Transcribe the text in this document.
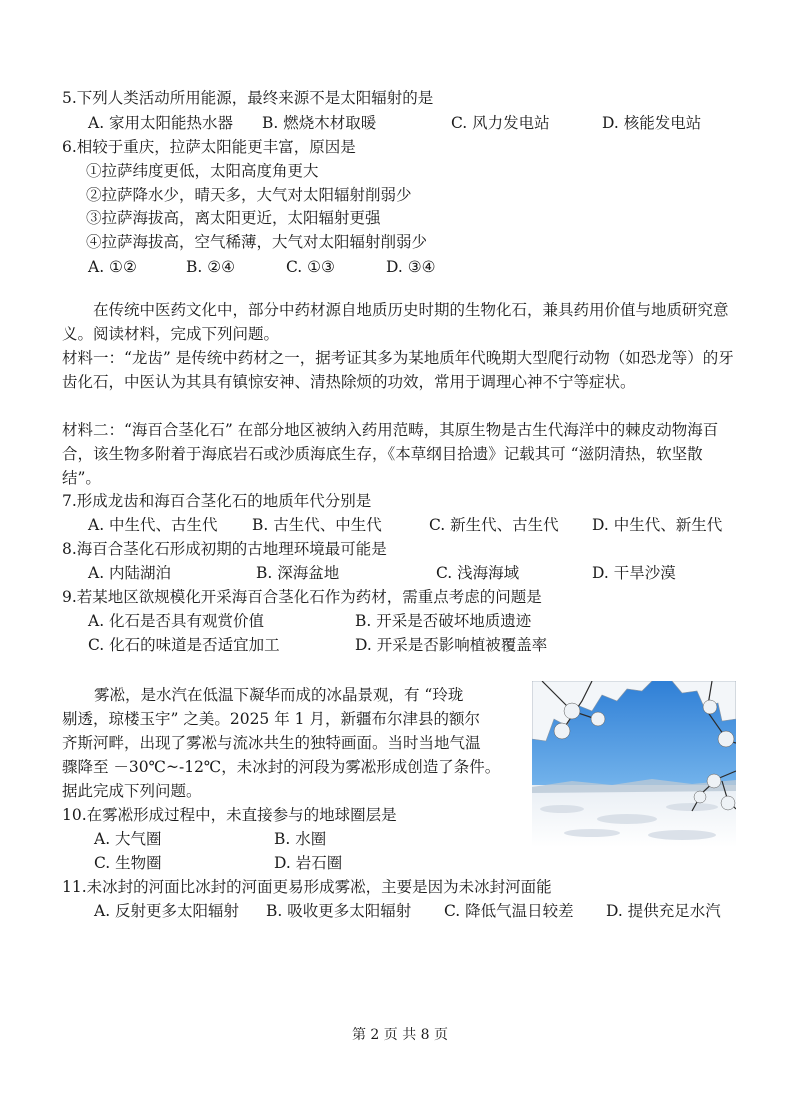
5.下列人类活动所用能源，最终来源不是太阳辐射的是
A. 家用太阳能热水器 B. 燃烧木材取暖	C. 风力发电站	D. 核能发电站
6.相较于重庆，拉萨太阳能更丰富，原因是
①拉萨纬度更低，太阳高度角更大
②拉萨降水少，晴天多，大气对太阳辐射削弱少
③拉萨海拔高，离太阳更近，太阳辐射更强
④拉萨海拔高，空气稀薄，大气对太阳辐射削弱少
A. ①②	B. ②④	C. ①③	D. ③④
在传统中医药文化中，部分中药材源自地质历史时期的生物化石，兼具药用价值与地质研究意义。阅读材料，完成下列问题。
材料一：“龙齿” 是传统中药材之一，据考证其多为某地质年代晚期大型爬行动物（如恐龙等）的牙齿化石，中医认为其具有镇惊安神、清热除烦的功效，常用于调理心神不宁等症状。
材料二：“海百合茎化石” 在部分地区被纳入药用范畴，其原生物是古生代海洋中的棘皮动物海百合，该生物多附着于海底岩石或沙质海底生存，《本草纲目拾遗》记载其可 “滋阴清热，软坚散结”。
7.形成龙齿和海百合茎化石的地质年代分别是
A. 中生代、古生代 B. 古生代、中生代	C. 新生代、古生代 D. 中生代、新生代
8.海百合茎化石形成初期的古地理环境最可能是
A. 内陆湖泊	B. 深海盆地	C. 浅海海域	D. 干旱沙漠
9.若某地区欲规模化开采海百合茎化石作为药材，需重点考虑的问题是
A. 化石是否具有观赏价值	B. 开采是否破坏地质遗迹
C. 化石的味道是否适宜加工	D. 开采是否影响植被覆盖率
雾凇，是水汽在低温下凝华而成的冰晶景观，有 “玲珑
剔透，琼楼玉宇” 之美。2025 年 1 月，新疆布尔津县的额尔
齐斯河畔，出现了雾凇与流冰共生的独特画面。当时当地气温
骤降至 －30℃~-12℃，未冰封的河段为雾凇形成创造了条件。
据此完成下列问题。
10.在雾凇形成过程中，未直接参与的地球圈层是
A. 大气圈	B. 水圈
C. 生物圈	D. 岩石圈
11.未冰封的河面比冰封的河面更易形成雾凇，主要是因为未冰封河面能
A. 反射更多太阳辐射 B. 吸收更多太阳辐射 C. 降低气温日较差 D. 提供充足水汽
第 2 页 共 8 页
